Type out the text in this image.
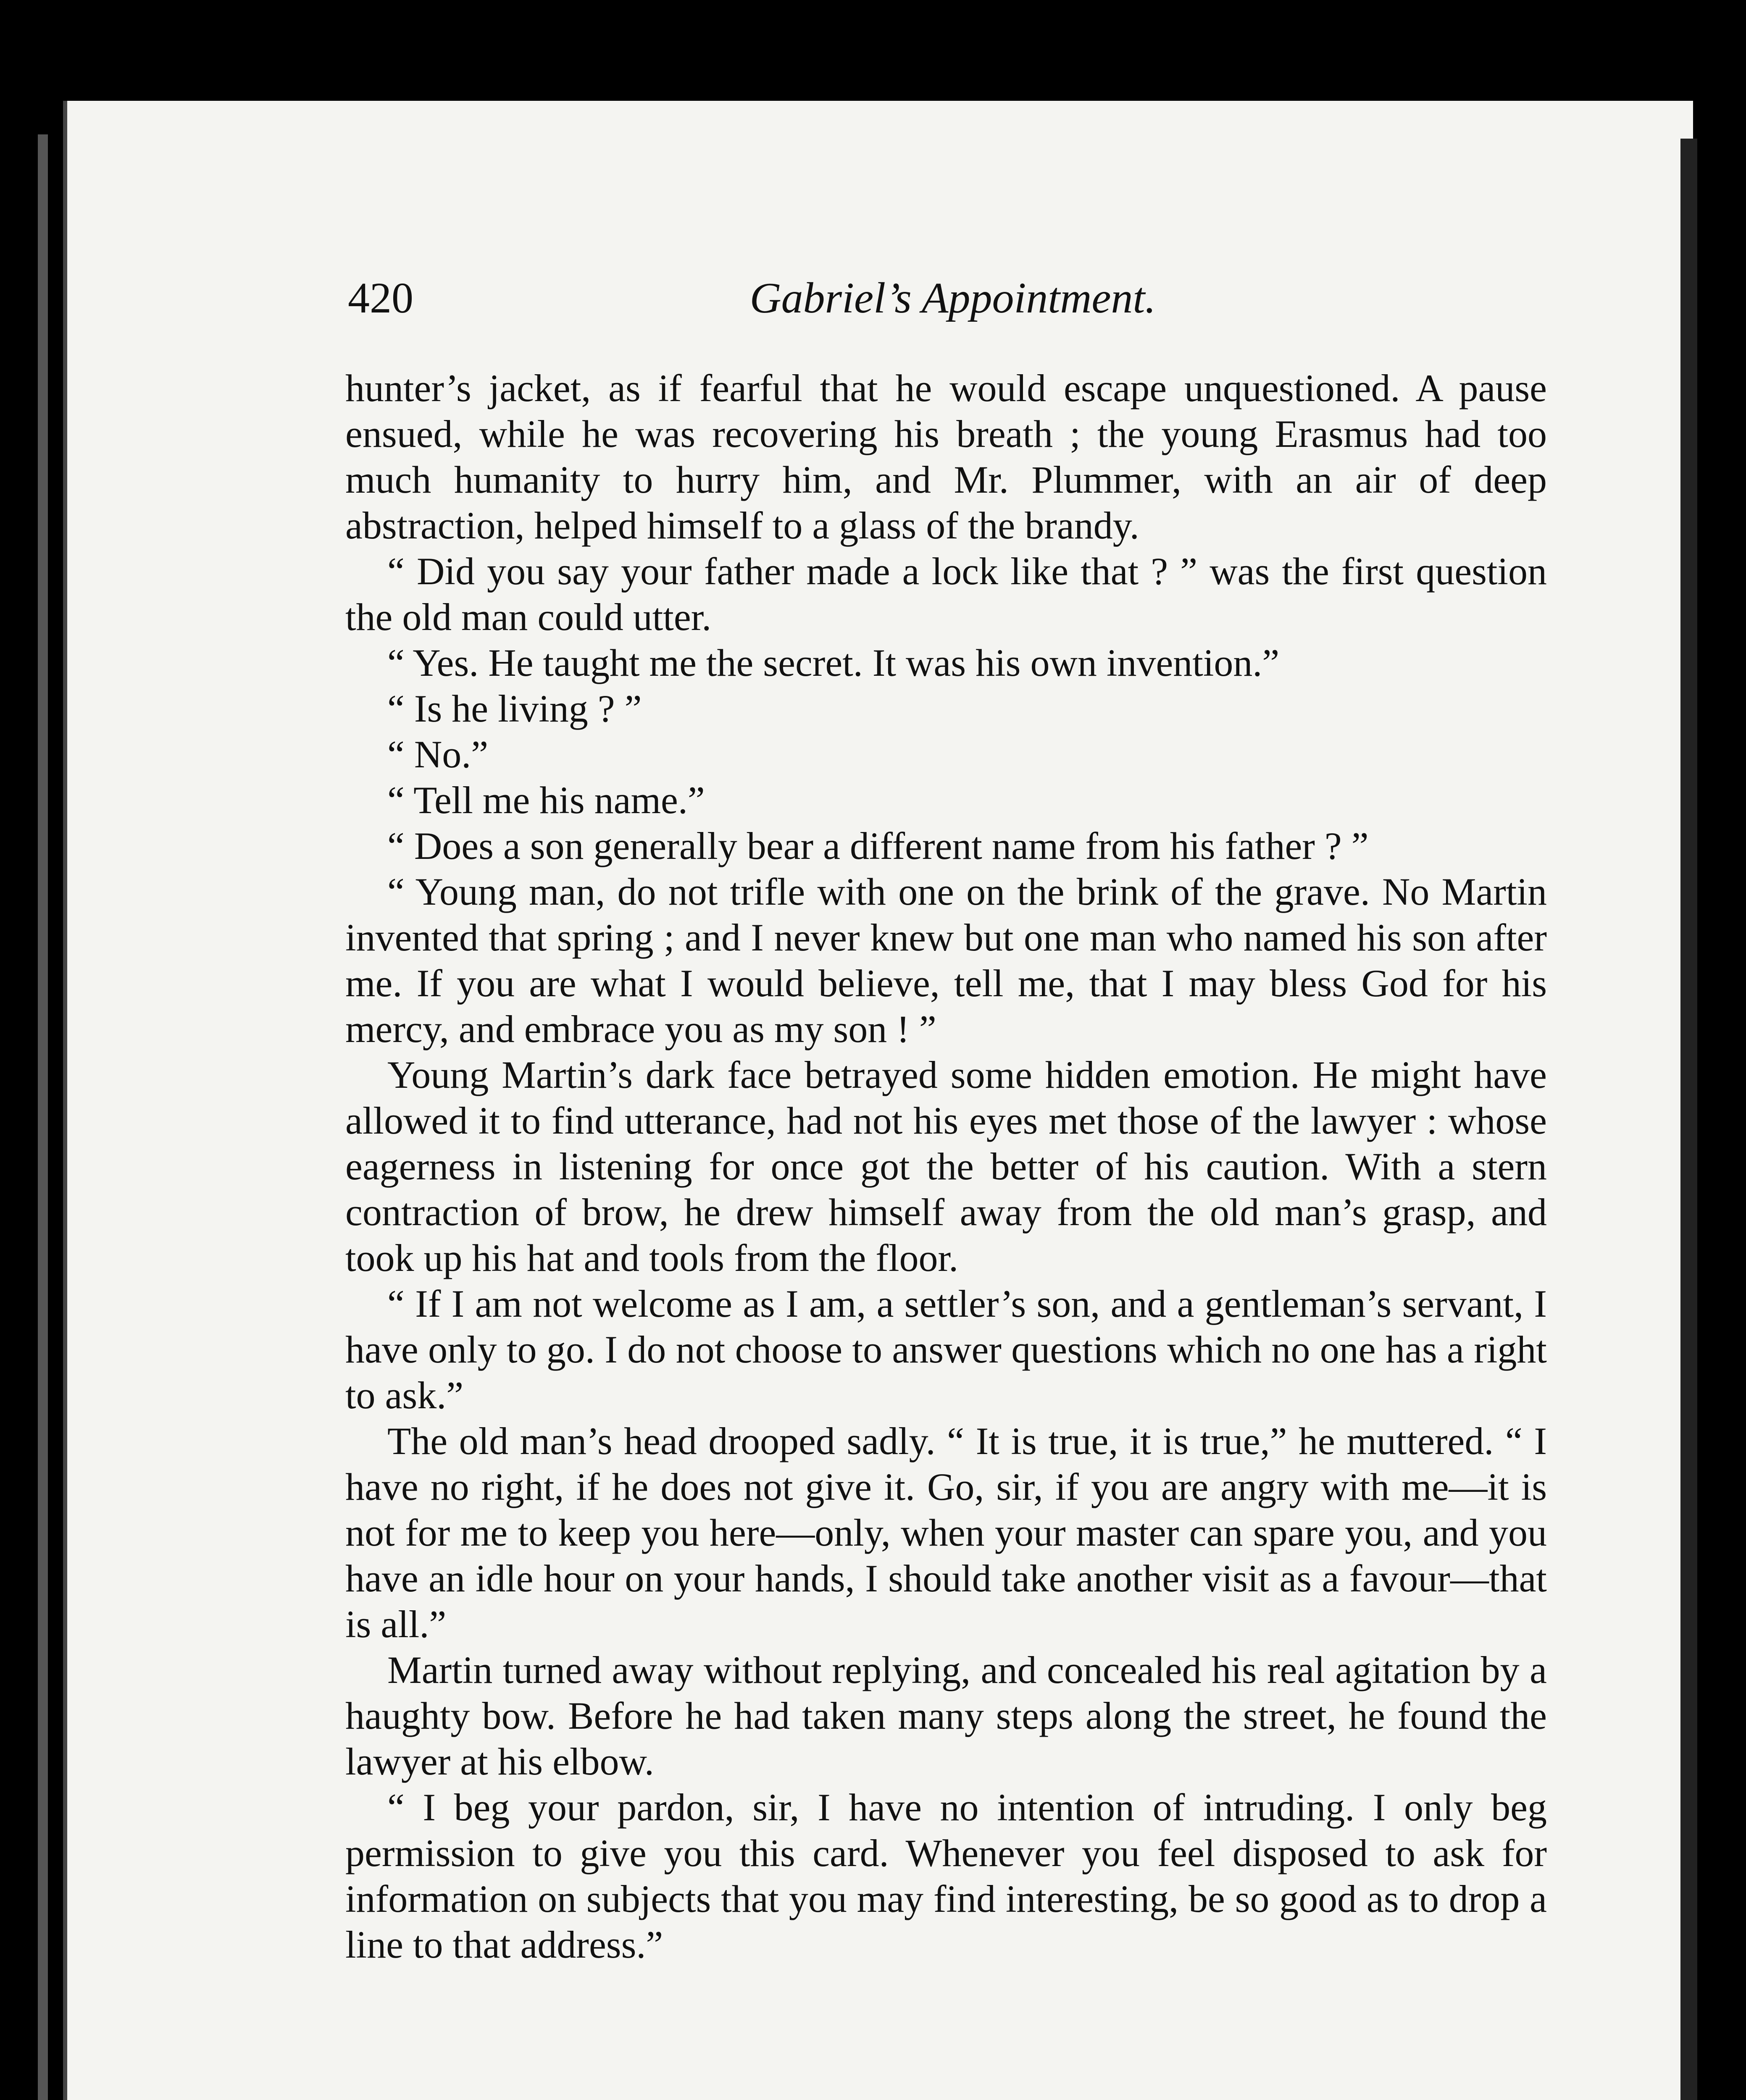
420	Gabriel’s Appointment.

hunter’s jacket, as if fearful that he would escape unquestioned. A pause ensued, while he was recovering his breath ; the young Erasmus had too much humanity to hurry him, and Mr. Plummer, with an air of deep abstraction, helped himself to a glass of the brandy.

“ Did you say your father made a lock like that ? ” was the first question the old man could utter.

“ Yes. He taught me the secret. It was his own invention.”

“ Is he living ? ”

“ No.”

“ Tell me his name.”

“ Does a son generally bear a different name from his father ? ”

“ Young man, do not trifle with one on the brink of the grave. No Martin invented that spring ; and I never knew but one man who named his son after me. If you are what I would believe, tell me, that I may bless God for his mercy, and embrace you as my son ! ”

Young Martin’s dark face betrayed some hidden emotion. He might have allowed it to find utterance, had not his eyes met those of the lawyer : whose eagerness in listening for once got the better of his caution. With a stern contraction of brow, he drew himself away from the old man’s grasp, and took up his hat and tools from the floor.

“ If I am not welcome as I am, a settler’s son, and a gentleman’s servant, I have only to go. I do not choose to answer questions which no one has a right to ask.”

The old man’s head drooped sadly. “ It is true, it is true,” he muttered. “ I have no right, if he does not give it. Go, sir, if you are angry with me—it is not for me to keep you here—only, when your master can spare you, and you have an idle hour on your hands, I should take another visit as a favour—that is all.”

Martin turned away without replying, and concealed his real agitation by a haughty bow. Before he had taken many steps along the street, he found the lawyer at his elbow.

“ I beg your pardon, sir, I have no intention of intruding. I only beg permission to give you this card. Whenever you feel disposed to ask for information on subjects that you may find interesting, be so good as to drop a line to that address.”
